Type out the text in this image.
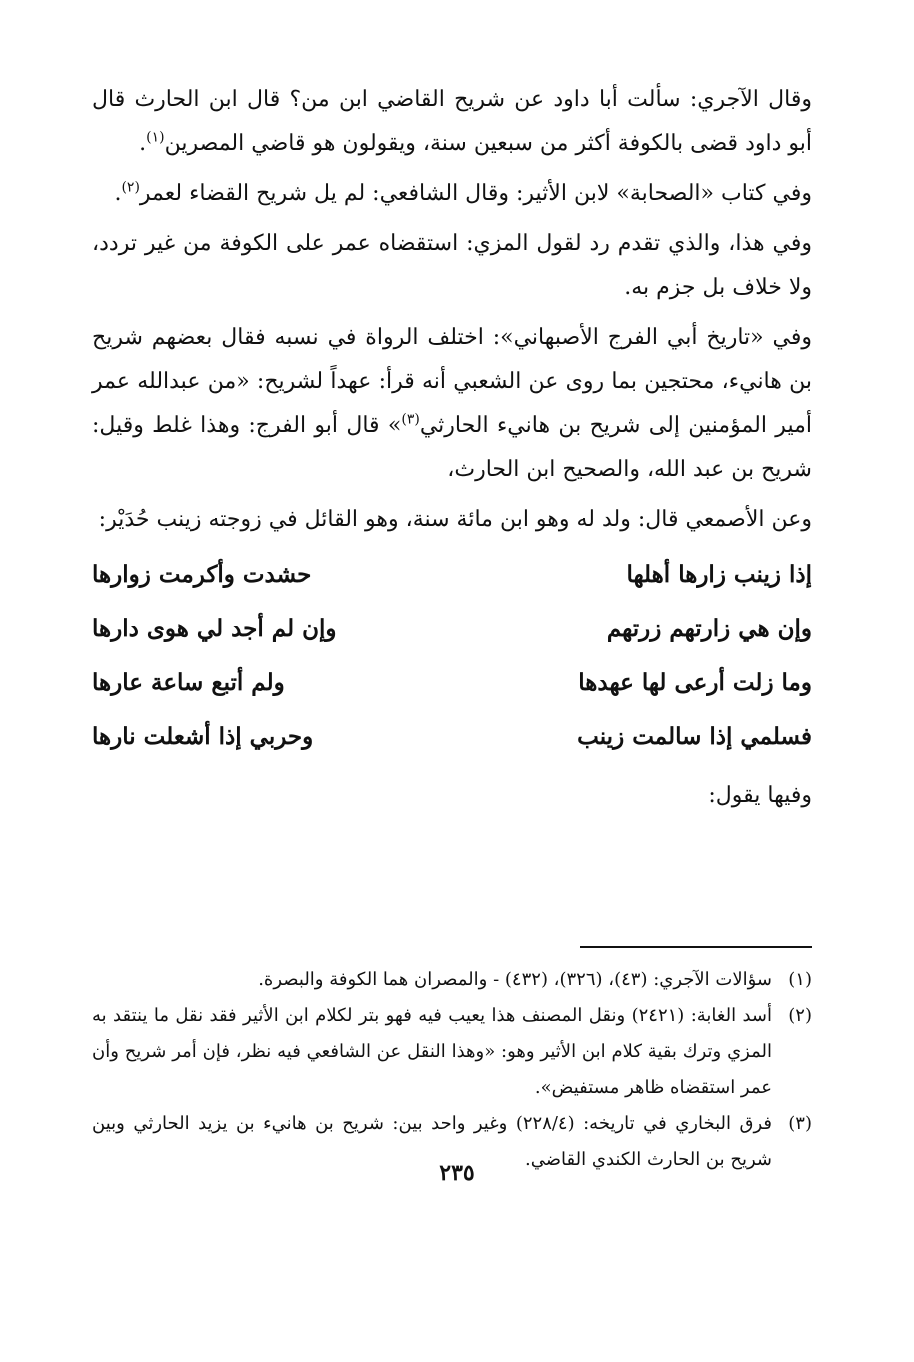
وقال الآجري: سألت أبا داود عن شريح القاضي ابن من؟ قال ابن الحارث قال أبو داود قضى بالكوفة أكثر من سبعين سنة، ويقولون هو قاضي المصرين$^{(١)}$.

وفي كتاب «الصحابة» لابن الأثير: وقال الشافعي: لم يل شريح القضاء لعمر$^{(٢)}$.

وفي هذا، والذي تقدم رد لقول المزي: استقضاه عمر على الكوفة من غير تردد، ولا خلاف بل جزم به.

وفي «تاريخ أبي الفرج الأصبهاني»: اختلف الرواة في نسبه فقال بعضهم شريح بن هانيء، محتجين بما روى عن الشعبي أنه قرأ: عهداً لشريح: «من عبدالله عمر أمير المؤمنين إلى شريح بن هانيء الحارثي$^{(٣)}$» قال أبو الفرج: وهذا غلط وقيل: شريح بن عبد الله، والصحيح ابن الحارث،

وعن الأصمعي قال: ولد له وهو ابن مائة سنة، وهو القائل في زوجته زينب حُدَيْر:

إذا زينب زارها أهلها
حشدت وأكرمت زوارها
وإن هي زارتهم زرتهم
وإن لم أجد لي هوى دارها
وما زلت أرعى لها عهدها
ولم أتبع ساعة عارها
فسلمي إذا سالمت زينب
وحربي إذا أشعلت نارها
وفيها يقول:
(١)
سؤالات الآجري: (٤٣)، (٣٢٦)، (٤٣٢) - والمصران هما الكوفة والبصرة.
(٢)
أسد الغابة: (٢٤٢١) ونقل المصنف هذا يعيب فيه فهو بتر لكلام ابن الأثير فقد نقل ما ينتقد به المزي وترك بقية كلام ابن الأثير وهو: «وهذا النقل عن الشافعي فيه نظر، فإن أمر شريح وأن عمر استقضاه ظاهر مستفيض».
(٣)
فرق البخاري في تاريخه: (٢٢٨/٤) وغير واحد بين: شريح بن هانيء بن يزيد الحارثي وبين شريح بن الحارث الكندي القاضي.
٢٣٥
